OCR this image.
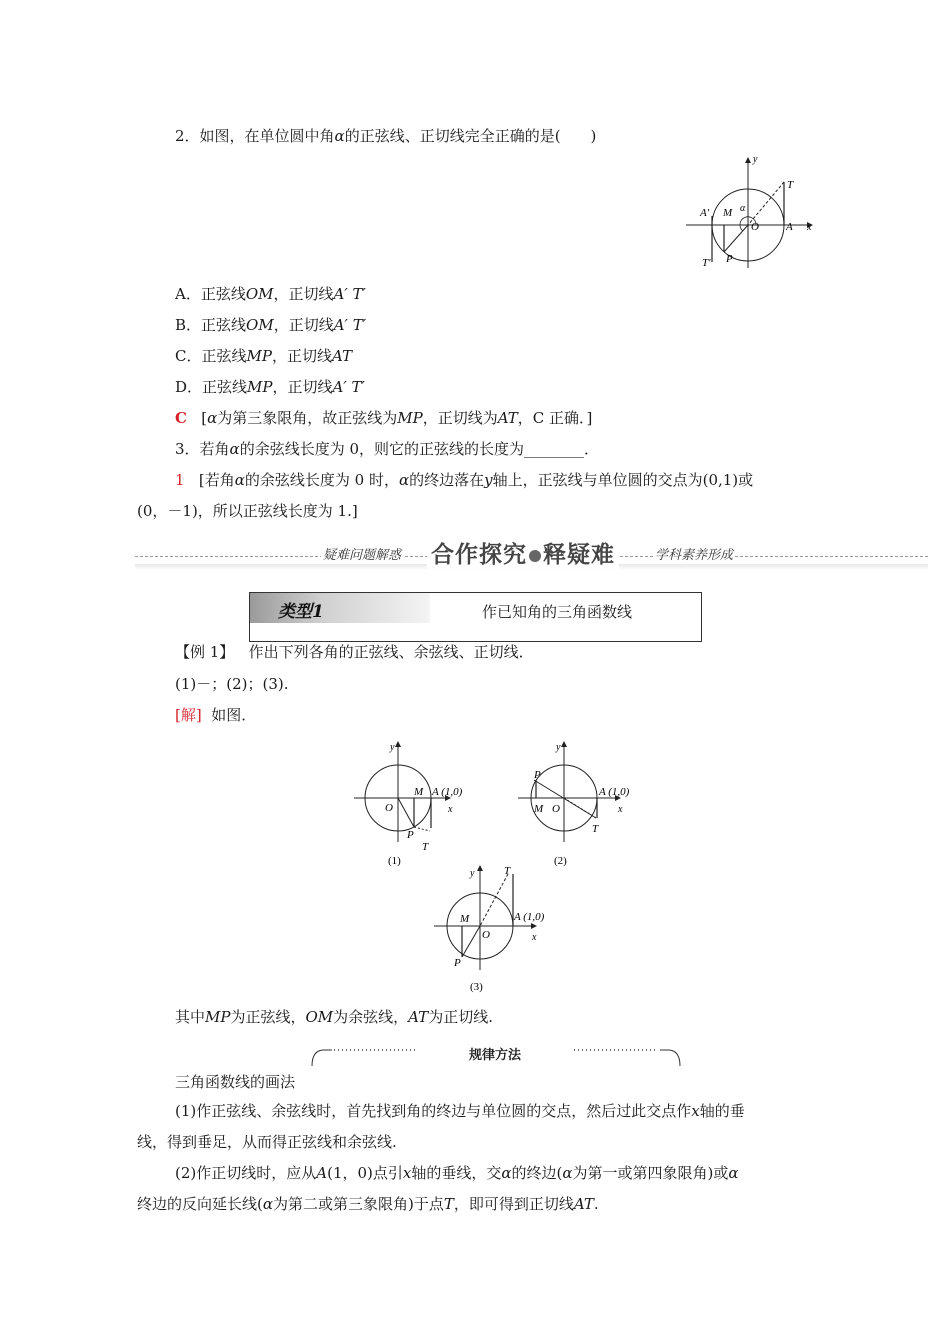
2．如图，在单位圆中角α的正弦线、正切线完全正确的是(　　)
y
x
T
A′ M α
O A
T′ P
A．正弦线OM，正切线A′ T′
B．正弦线OM，正切线A′ T′
C．正弦线MP，正切线AT
D．正弦线MP，正切线A′ T′
C [α为第三象限角，故正弦线为MP，正切线为AT，C 正确．]
3．若角α的余弦线长度为 0，则它的正弦线的长度为________．
1 [若角α的余弦线长度为 0 时，α的终边落在y轴上，正弦线与单位圆的交点为(0,1)或
(0，－1)，所以正弦线长度为 1.]
疑难问题解惑 合作探究 释疑难	学科素养形成
类型1	作已知角的三角函数线
【例 1】 作出下列各角的正弦线、余弦线、正切线．
(1)－；(2)；(3).
[解] 如图．
y
x
O
M A (1,0)
P
T
(1)
y
x
P
M O
A (1,0)
T
(2)
y
x
T
M
O
A (1,0)
P
(3)
其中MP为正弦线，OM为余弦线，AT为正切线.
规律方法
三角函数线的画法
(1)作正弦线、余弦线时，首先找到角的终边与单位圆的交点，然后过此交点作x轴的垂
线，得到垂足，从而得正弦线和余弦线.
(2)作正切线时，应从A(1，0)点引x轴的垂线，交α的终边(α为第一或第四象限角)或α
终边的反向延长线(α为第二或第三象限角)于点T，即可得到正切线AT.
